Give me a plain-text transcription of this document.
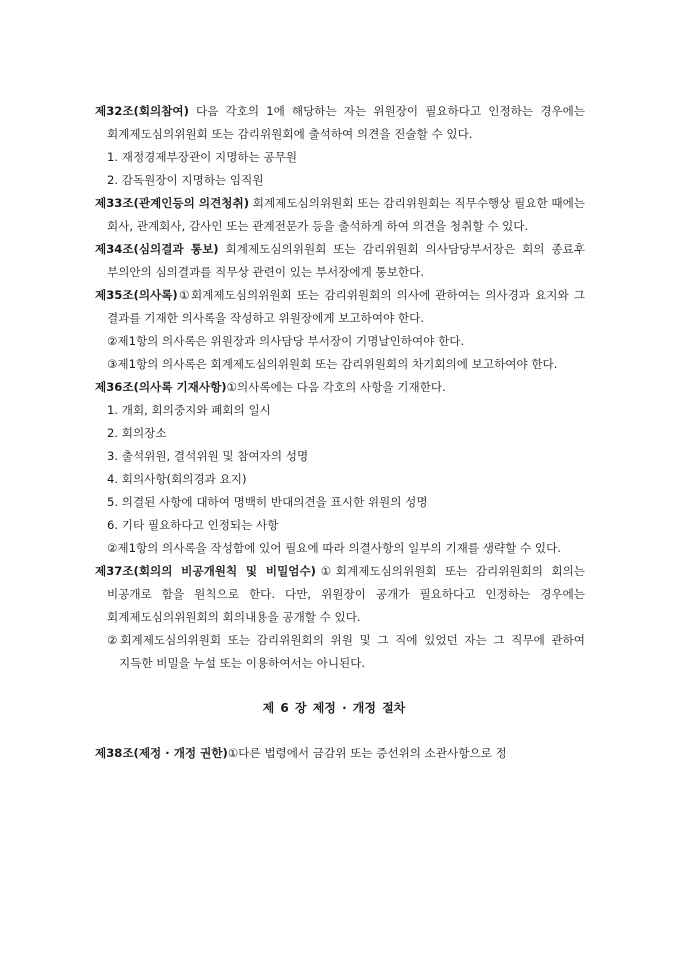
제32조(회의참여) 다음 각호의 1에 해당하는 자는 위원장이 필요하다고 인정하는 경우에는 회계제도심의위원회 또는 감리위원회에 출석하여 의견을 진술할 수 있다.

1. 재정경제부장관이 지명하는 공무원

2. 감독원장이 지명하는 임직원

제33조(관계인등의 의견청취) 회계제도심의위원회 또는 감리위원회는 직무수행상 필요한 때에는 회사, 관계회사, 감사인 또는 관계전문가 등을 출석하게 하여 의견을 청취할 수 있다.

제34조(심의결과 통보) 회계제도심의위원회 또는 감리위원회 의사담당부서장은 회의 종료후 부의안의 심의결과를 직무상 관련이 있는 부서장에게 통보한다.

제35조(의사록)①회계제도심의위원회 또는 감리위원회의 의사에 관하여는 의사경과 요지와 그 결과를 기재한 의사록을 작성하고 위원장에게 보고하여야 한다.

②제1항의 의사록은 위원장과 의사담당 부서장이 기명날인하여야 한다.

③제1항의 의사록은 회계제도심의위원회 또는 감리위원회의 차기회의에 보고하여야 한다.

제36조(의사록 기재사항)①의사록에는 다음 각호의 사항을 기재한다.

1. 개회, 회의중지와 폐회의 일시

2. 회의장소

3. 출석위원, 결석위원 및 참여자의 성명

4. 회의사항(회의경과 요지)

5. 의결된 사항에 대하여 명백히 반대의견을 표시한 위원의 성명

6. 기타 필요하다고 인정되는 사항

②제1항의 의사록을 작성함에 있어 필요에 따라 의결사항의 일부의 기재를 생략할 수 있다.

제37조(회의의 비공개원칙 및 비밀엄수)①회계제도심의위원회 또는 감리위원회의 회의는 비공개로 함을 원칙으로 한다. 다만, 위원장이 공개가 필요하다고 인정하는 경우에는 회계제도심의위원회의 회의내용을 공개할 수 있다.

②회계제도심의위원회 또는 감리위원회의 위원 및 그 직에 있었던 자는 그 직무에 관하여 지득한 비밀을 누설 또는 이용하여서는 아니된다.

제 6 장 제정 · 개정 절차

제38조(제정 · 개정 권한)①다른 법령에서 금감위 또는 증선위의 소관사항으로 정
